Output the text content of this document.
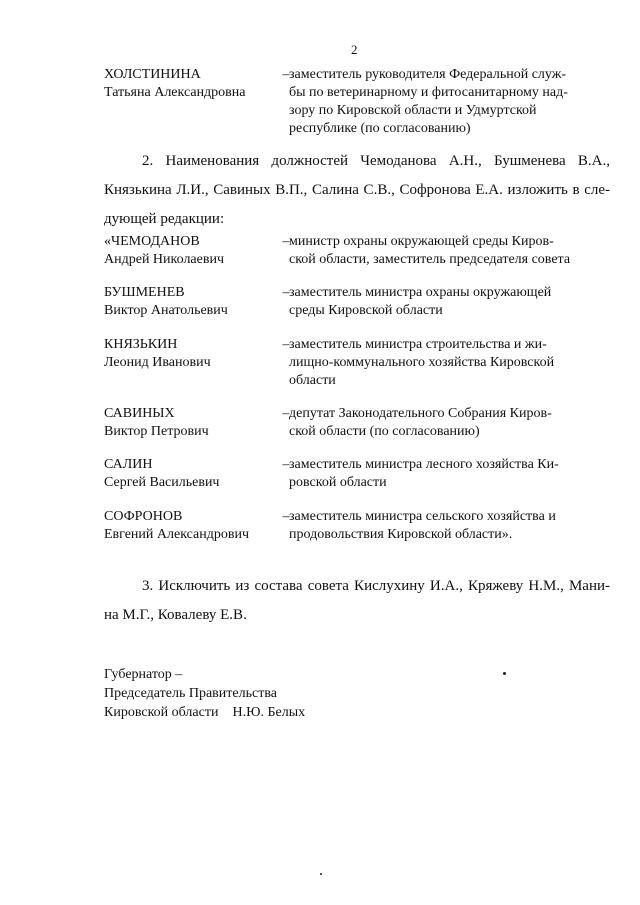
2
ХОЛСТИНИНА
Татьяна Александровна
– заместитель руководителя Федеральной служ-
бы по ветеринарному и фитосанитарному над-
зору по Кировской области и Удмуртской
республике (по согласованию)
2. Наименования должностей Чемоданова А.Н., Бушменева В.А.,
Князькина Л.И., Савиных В.П., Салина С.В., Софронова Е.А. изложить в сле-
дующей редакции:
«ЧЕМОДАНОВ
Андрей Николаевич
– министр охраны окружающей среды Киров-
ской области, заместитель председателя совета
БУШМЕНЕВ
Виктор Анатольевич
– заместитель министра охраны окружающей
среды Кировской области
КНЯЗЬКИН
Леонид Иванович
– заместитель министра строительства и жи-
лищно-коммунального хозяйства Кировской
области
САВИНЫХ
Виктор Петрович
– депутат Законодательного Собрания Киров-
ской области (по согласованию)
САЛИН
Сергей Васильевич
– заместитель министра лесного хозяйства Ки-
ровской области
СОФРОНОВ
Евгений Александрович
– заместитель министра сельского хозяйства и
продовольствия Кировской области».
3. Исключить из состава совета Кислухину И.А., Кряжеву Н.М., Мани-
на М.Г., Ковалеву Е.В.
Губернатор –
Председатель Правительства
Кировской области    Н.Ю. Белых
